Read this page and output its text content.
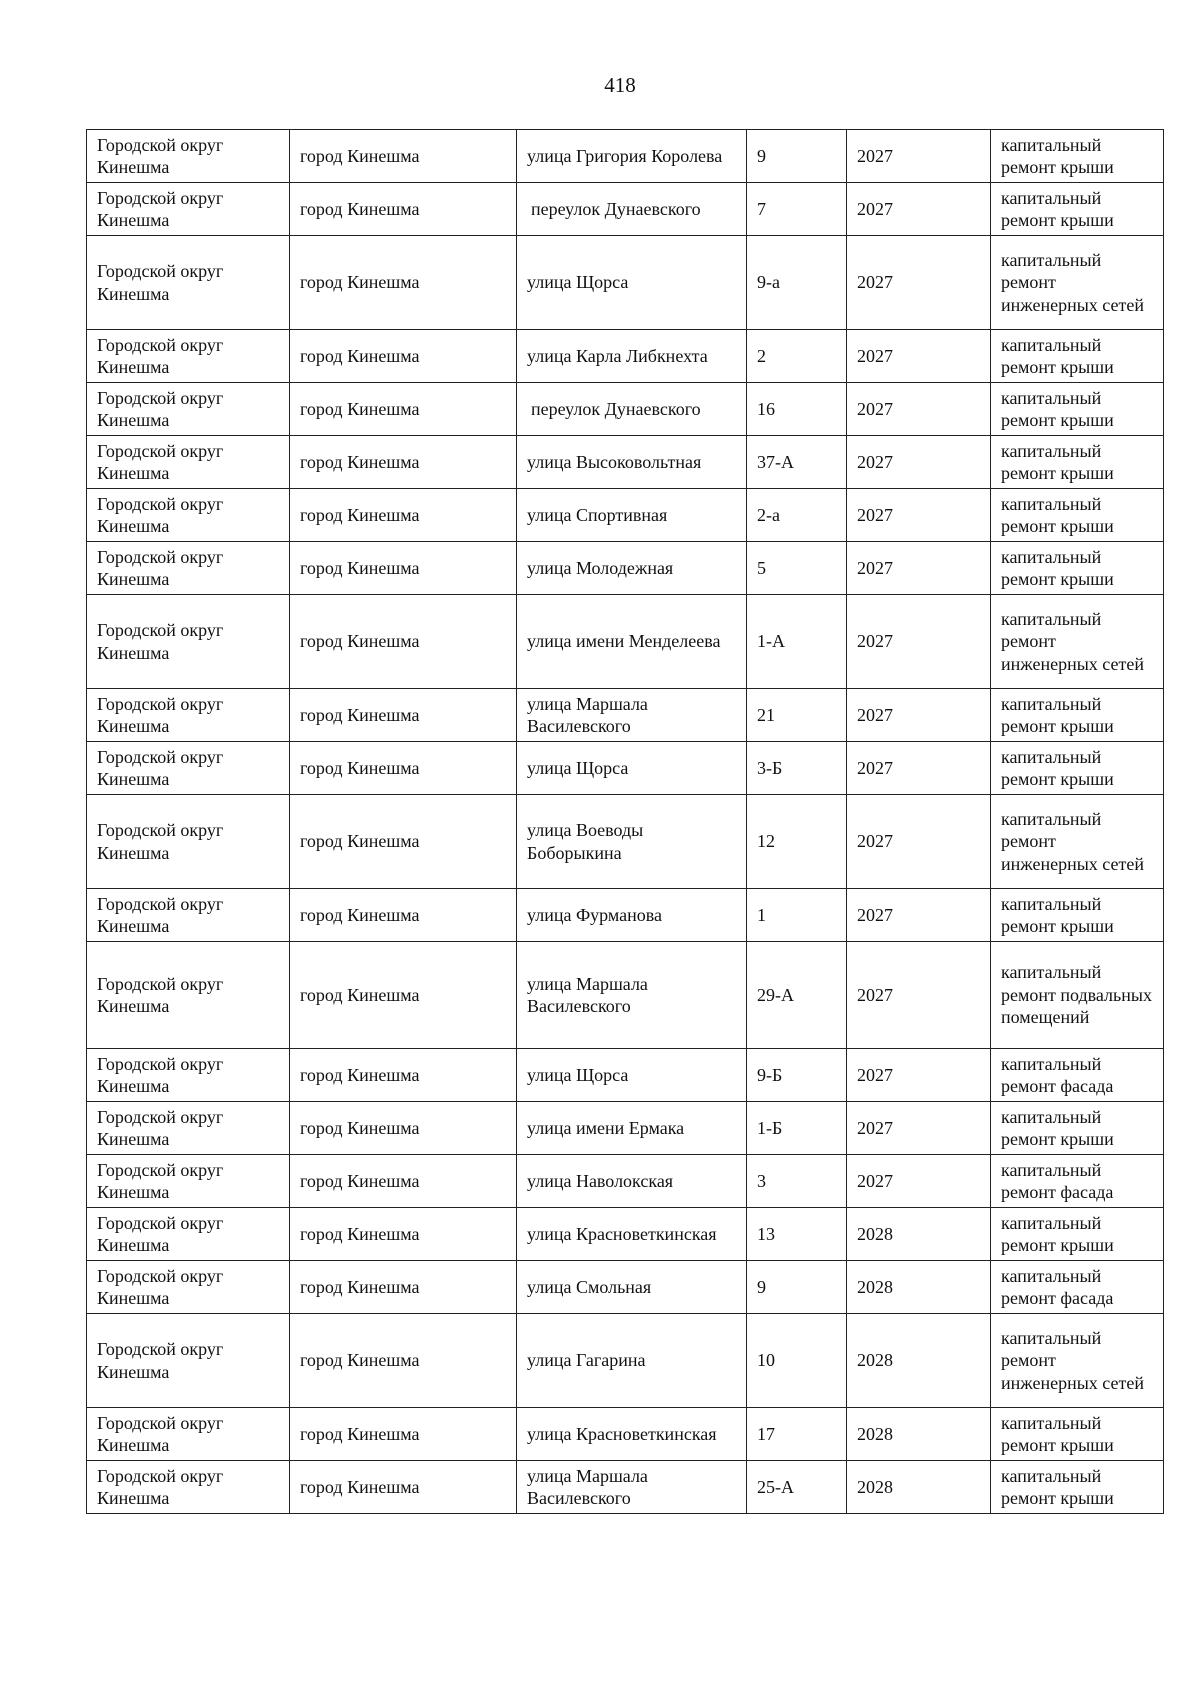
418
Городской округ Кинешма	город Кинешма	улица Григория Королева	9	2027	капитальный ремонт крыши
Городской округ Кинешма	город Кинешма	переулок Дунаевского	7	2027	капитальный ремонт крыши
Городской округ Кинешма	город Кинешма	улица Щорса	9-а	2027	капитальный ремонт инженерных сетей
Городской округ Кинешма	город Кинешма	улица Карла Либкнехта	2	2027	капитальный ремонт крыши
Городской округ Кинешма	город Кинешма	переулок Дунаевского	16	2027	капитальный ремонт крыши
Городской округ Кинешма	город Кинешма	улица Высоковольтная	37-А	2027	капитальный ремонт крыши
Городской округ Кинешма	город Кинешма	улица Спортивная	2-а	2027	капитальный ремонт крыши
Городской округ Кинешма	город Кинешма	улица Молодежная	5	2027	капитальный ремонт крыши
Городской округ Кинешма	город Кинешма	улица имени Менделеева	1-А	2027	капитальный ремонт инженерных сетей
Городской округ Кинешма	город Кинешма	улица Маршала Василевского	21	2027	капитальный ремонт крыши
Городской округ Кинешма	город Кинешма	улица Щорса	3-Б	2027	капитальный ремонт крыши
Городской округ Кинешма	город Кинешма	улица Воеводы Боборыкина	12	2027	капитальный ремонт инженерных сетей
Городской округ Кинешма	город Кинешма	улица Фурманова	1	2027	капитальный ремонт крыши
Городской округ Кинешма	город Кинешма	улица Маршала Василевского	29-А	2027	капитальный ремонт подвальных помещений
Городской округ Кинешма	город Кинешма	улица Щорса	9-Б	2027	капитальный ремонт фасада
Городской округ Кинешма	город Кинешма	улица имени Ермака	1-Б	2027	капитальный ремонт крыши
Городской округ Кинешма	город Кинешма	улица Наволокская	3	2027	капитальный ремонт фасада
Городской округ Кинешма	город Кинешма	улица Красноветкинская	13	2028	капитальный ремонт крыши
Городской округ Кинешма	город Кинешма	улица Смольная	9	2028	капитальный ремонт фасада
Городской округ Кинешма	город Кинешма	улица Гагарина	10	2028	капитальный ремонт инженерных сетей
Городской округ Кинешма	город Кинешма	улица Красноветкинская	17	2028	капитальный ремонт крыши
Городской округ Кинешма	город Кинешма	улица Маршала Василевского	25-А	2028	капитальный ремонт крыши
